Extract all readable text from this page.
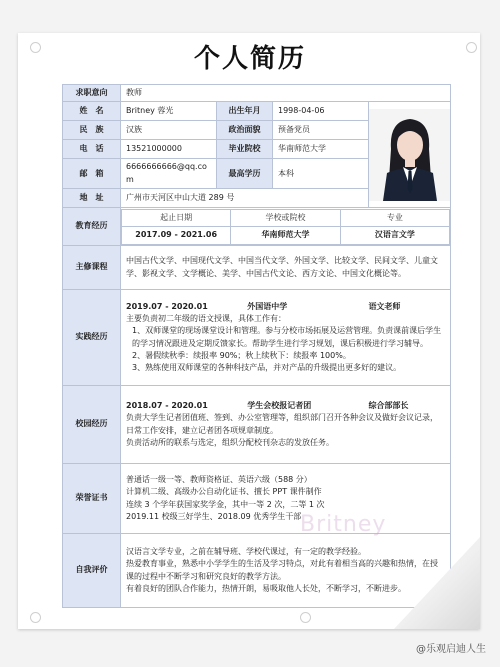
个人简历
求职意向	教师
姓　名	Britney 蓉光	出生年月	1998-04-06	

民　族	汉族	政治面貌	预备党员
电　话	13521000000	毕业院校	华南师范大学
邮　箱	6666666666@qq.com	最高学历	本科
地　址	广州市天河区中山大道 289 号
教育经历	
起止日期	学校或院校	专业
2017.09 - 2021.06	华南师范大学	汉语言文学

主修课程	中国古代文学、中国现代文学、中国当代文学、外国文学、比较文学、民间文学、儿童文学、影视文学、文学概论、美学、中国古代文论、西方文论、中国文化概论等。
实践经历	
2019.07 - 2020.01	外国语中学	语文老师
主要负责初二年级的语文授课，具体工作有：
1、双师课堂的现场课堂设计和管理。参与分校市场拓展及运营管理。负责课前课后学生的学习情况跟进及定期反馈家长。帮助学生进行学习规划，课后积极进行学习辅导。
2、暑假续秋季：续报率 90%；秋上续秋下：续报率 100%。
3、熟练使用双师课堂的各种科技产品，并对产品的升级提出更多好的建议。

校园经历	
2018.07 - 2020.01	学生会校报记者团	综合部部长
负责大学生记者团值班、签到、办公室管理等，组织部门召开各种会议及做好会议记录，日常工作安排，建立记者团各项规章制度。
负责活动所的联系与选定，组织分配校刊杂志的发放任务。

荣誉证书	
普通话一级一等、教师资格证、英语六级（588 分）
计算机二级、高级办公自动化证书、擅长 PPT 课件制作
连续 3 个学年获国家奖学金，其中一等 2 次，二等 1 次
2019.11 校级三好学生、2018.09 优秀学生干部

自我评价	
汉语言文学专业，之前在辅导班、学校代课过，有一定的教学经验。
热爱教育事业，熟悉中小学学生的生活及学习特点，对此有着相当高的兴趣和热情，在授课的过程中不断学习和研究良好的教学方法。
有着良好的团队合作能力，热情开朗，易吸取他人长处，不断学习，不断进步。
Britney
@乐观启迪人生
